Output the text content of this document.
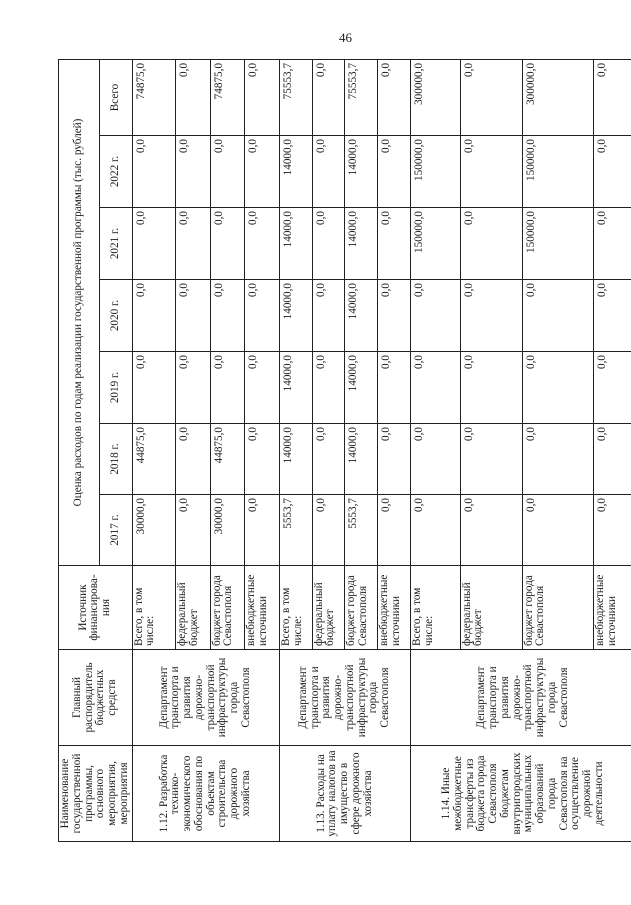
46
Наименование государственной программы, основного мероприятия, мероприятия	Главный распорядитель бюджетных средств	Источник финансирова-ния	Оценка расходов по годам реализации государственной программы (тыс. рублей)						
			2017 г.	2018 г.	2019 г.	2020 г.	2021 г.	2022 г.	Всего
1.12. Разработка технико-экономического обоснования по объектам строительства дорожного хозяйства	Департамент транспорта и развития дорожно-транспортной инфраструктуры города Севастополя	Всего, в том числе:	30000,0	44875,0	0,0	0,0	0,0	0,0	74875,0
		федеральный бюджет	0,0	0,0	0,0	0,0	0,0	0,0	0,0
		бюджет города Севастополя	30000,0	44875,0	0,0	0,0	0,0	0,0	74875,0
		внебюджетные источники	0,0	0,0	0,0	0,0	0,0	0,0	0,0
1.13. Расходы на уплату налогов на имущество в сфере дорожного хозяйства	Департамент транспорта и развития дорожно-транспортной инфраструктуры города Севастополя	Всего, в том числе:	5553,7	14000,0	14000,0	14000,0	14000,0	14000,0	75553,7
		федеральный бюджет	0,0	0,0	0,0	0,0	0,0	0,0	0,0
		бюджет города Севастополя	5553,7	14000,0	14000,0	14000,0	14000,0	14000,0	75553,7
		внебюджетные источники	0,0	0,0	0,0	0,0	0,0	0,0	0,0
1.14. Иные межбюджетные трансферты из бюджета города Севастополя бюджетам внутригородских муниципальных образований города Севастополя на осуществление дорожной деятельности	Департамент транспорта и развития дорожно-транспортной инфраструктуры города Севастополя	Всего, в том числе:	0,0	0,0	0,0	0,0	150000,0	150000,0	300000,0
		федеральный бюджет	0,0	0,0	0,0	0,0	0,0	0,0	0,0
		бюджет города Севастополя	0,0	0,0	0,0	0,0	150000,0	150000,0	300000,0
		внебюджетные источники	0,0	0,0	0,0	0,0	0,0	0,0	0,0
